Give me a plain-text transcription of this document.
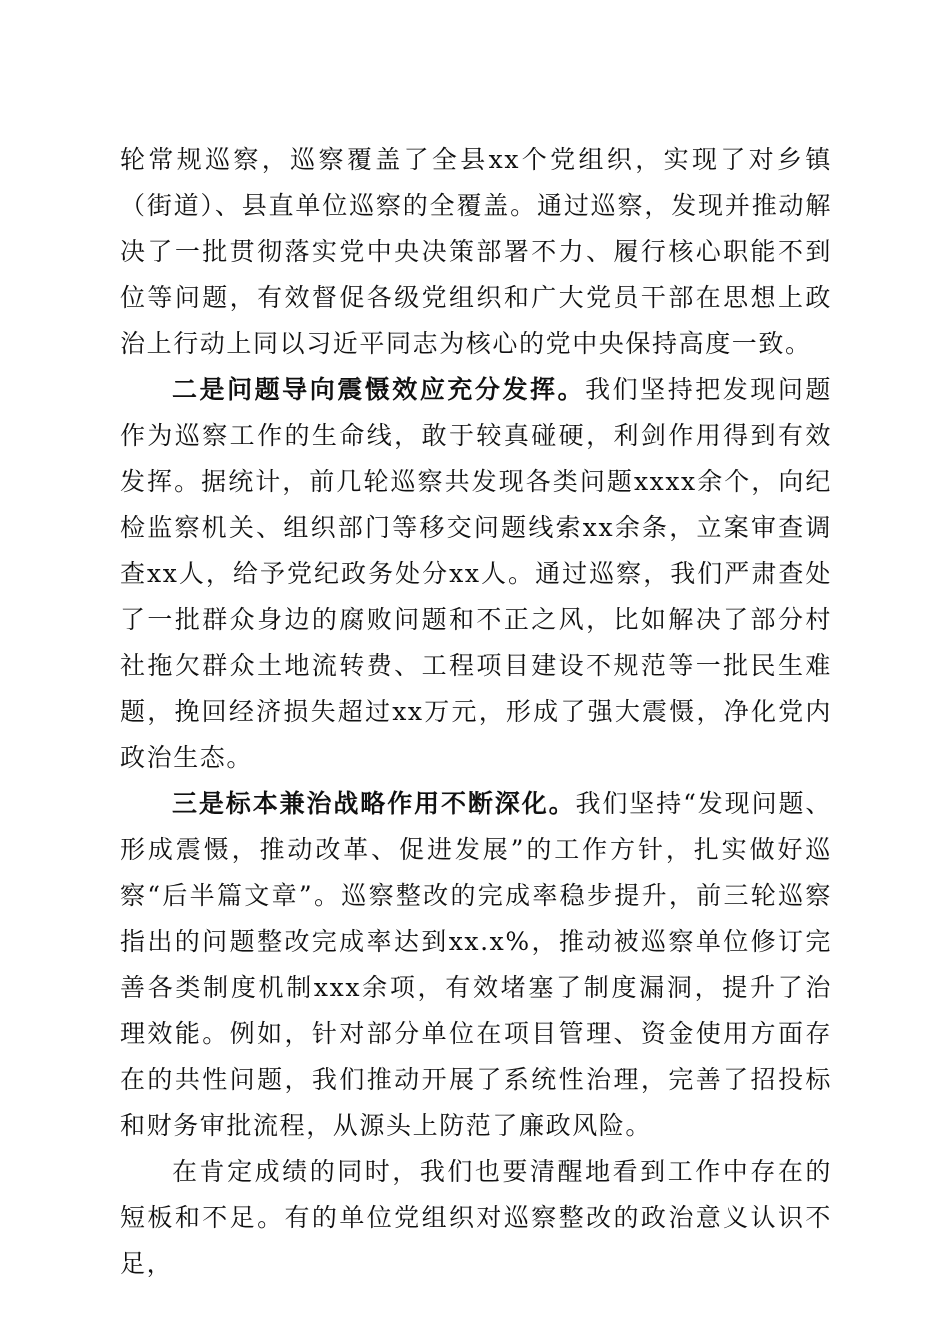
轮常规巡察，巡察覆盖了全县xx个党组织，实现了对乡镇（街道）、县直单位巡察的全覆盖。通过巡察，发现并推动解决了一批贯彻落实党中央决策部署不力、履行核心职能不到位等问题，有效督促各级党组织和广大党员干部在思想上政治上行动上同以习近平同志为核心的党中央保持高度一致。

二是问题导向震慑效应充分发挥。我们坚持把发现问题作为巡察工作的生命线，敢于较真碰硬，利剑作用得到有效发挥。据统计，前几轮巡察共发现各类问题xxxx余个，向纪检监察机关、组织部门等移交问题线索xx余条，立案审查调查xx人，给予党纪政务处分xx人。通过巡察，我们严肃查处了一批群众身边的腐败问题和不正之风，比如解决了部分村社拖欠群众土地流转费、工程项目建设不规范等一批民生难题，挽回经济损失超过xx万元，形成了强大震慑，净化党内政治生态。

三是标本兼治战略作用不断深化。我们坚持“发现问题、形成震慑，推动改革、促进发展”的工作方针，扎实做好巡察“后半篇文章”。巡察整改的完成率稳步提升，前三轮巡察指出的问题整改完成率达到xx.x%，推动被巡察单位修订完善各类制度机制xxx余项，有效堵塞了制度漏洞，提升了治理效能。例如，针对部分单位在项目管理、资金使用方面存在的共性问题，我们推动开展了系统性治理，完善了招投标和财务审批流程，从源头上防范了廉政风险。

在肯定成绩的同时，我们也要清醒地看到工作中存在的短板和不足。有的单位党组织对巡察整改的政治意义认识不足，
